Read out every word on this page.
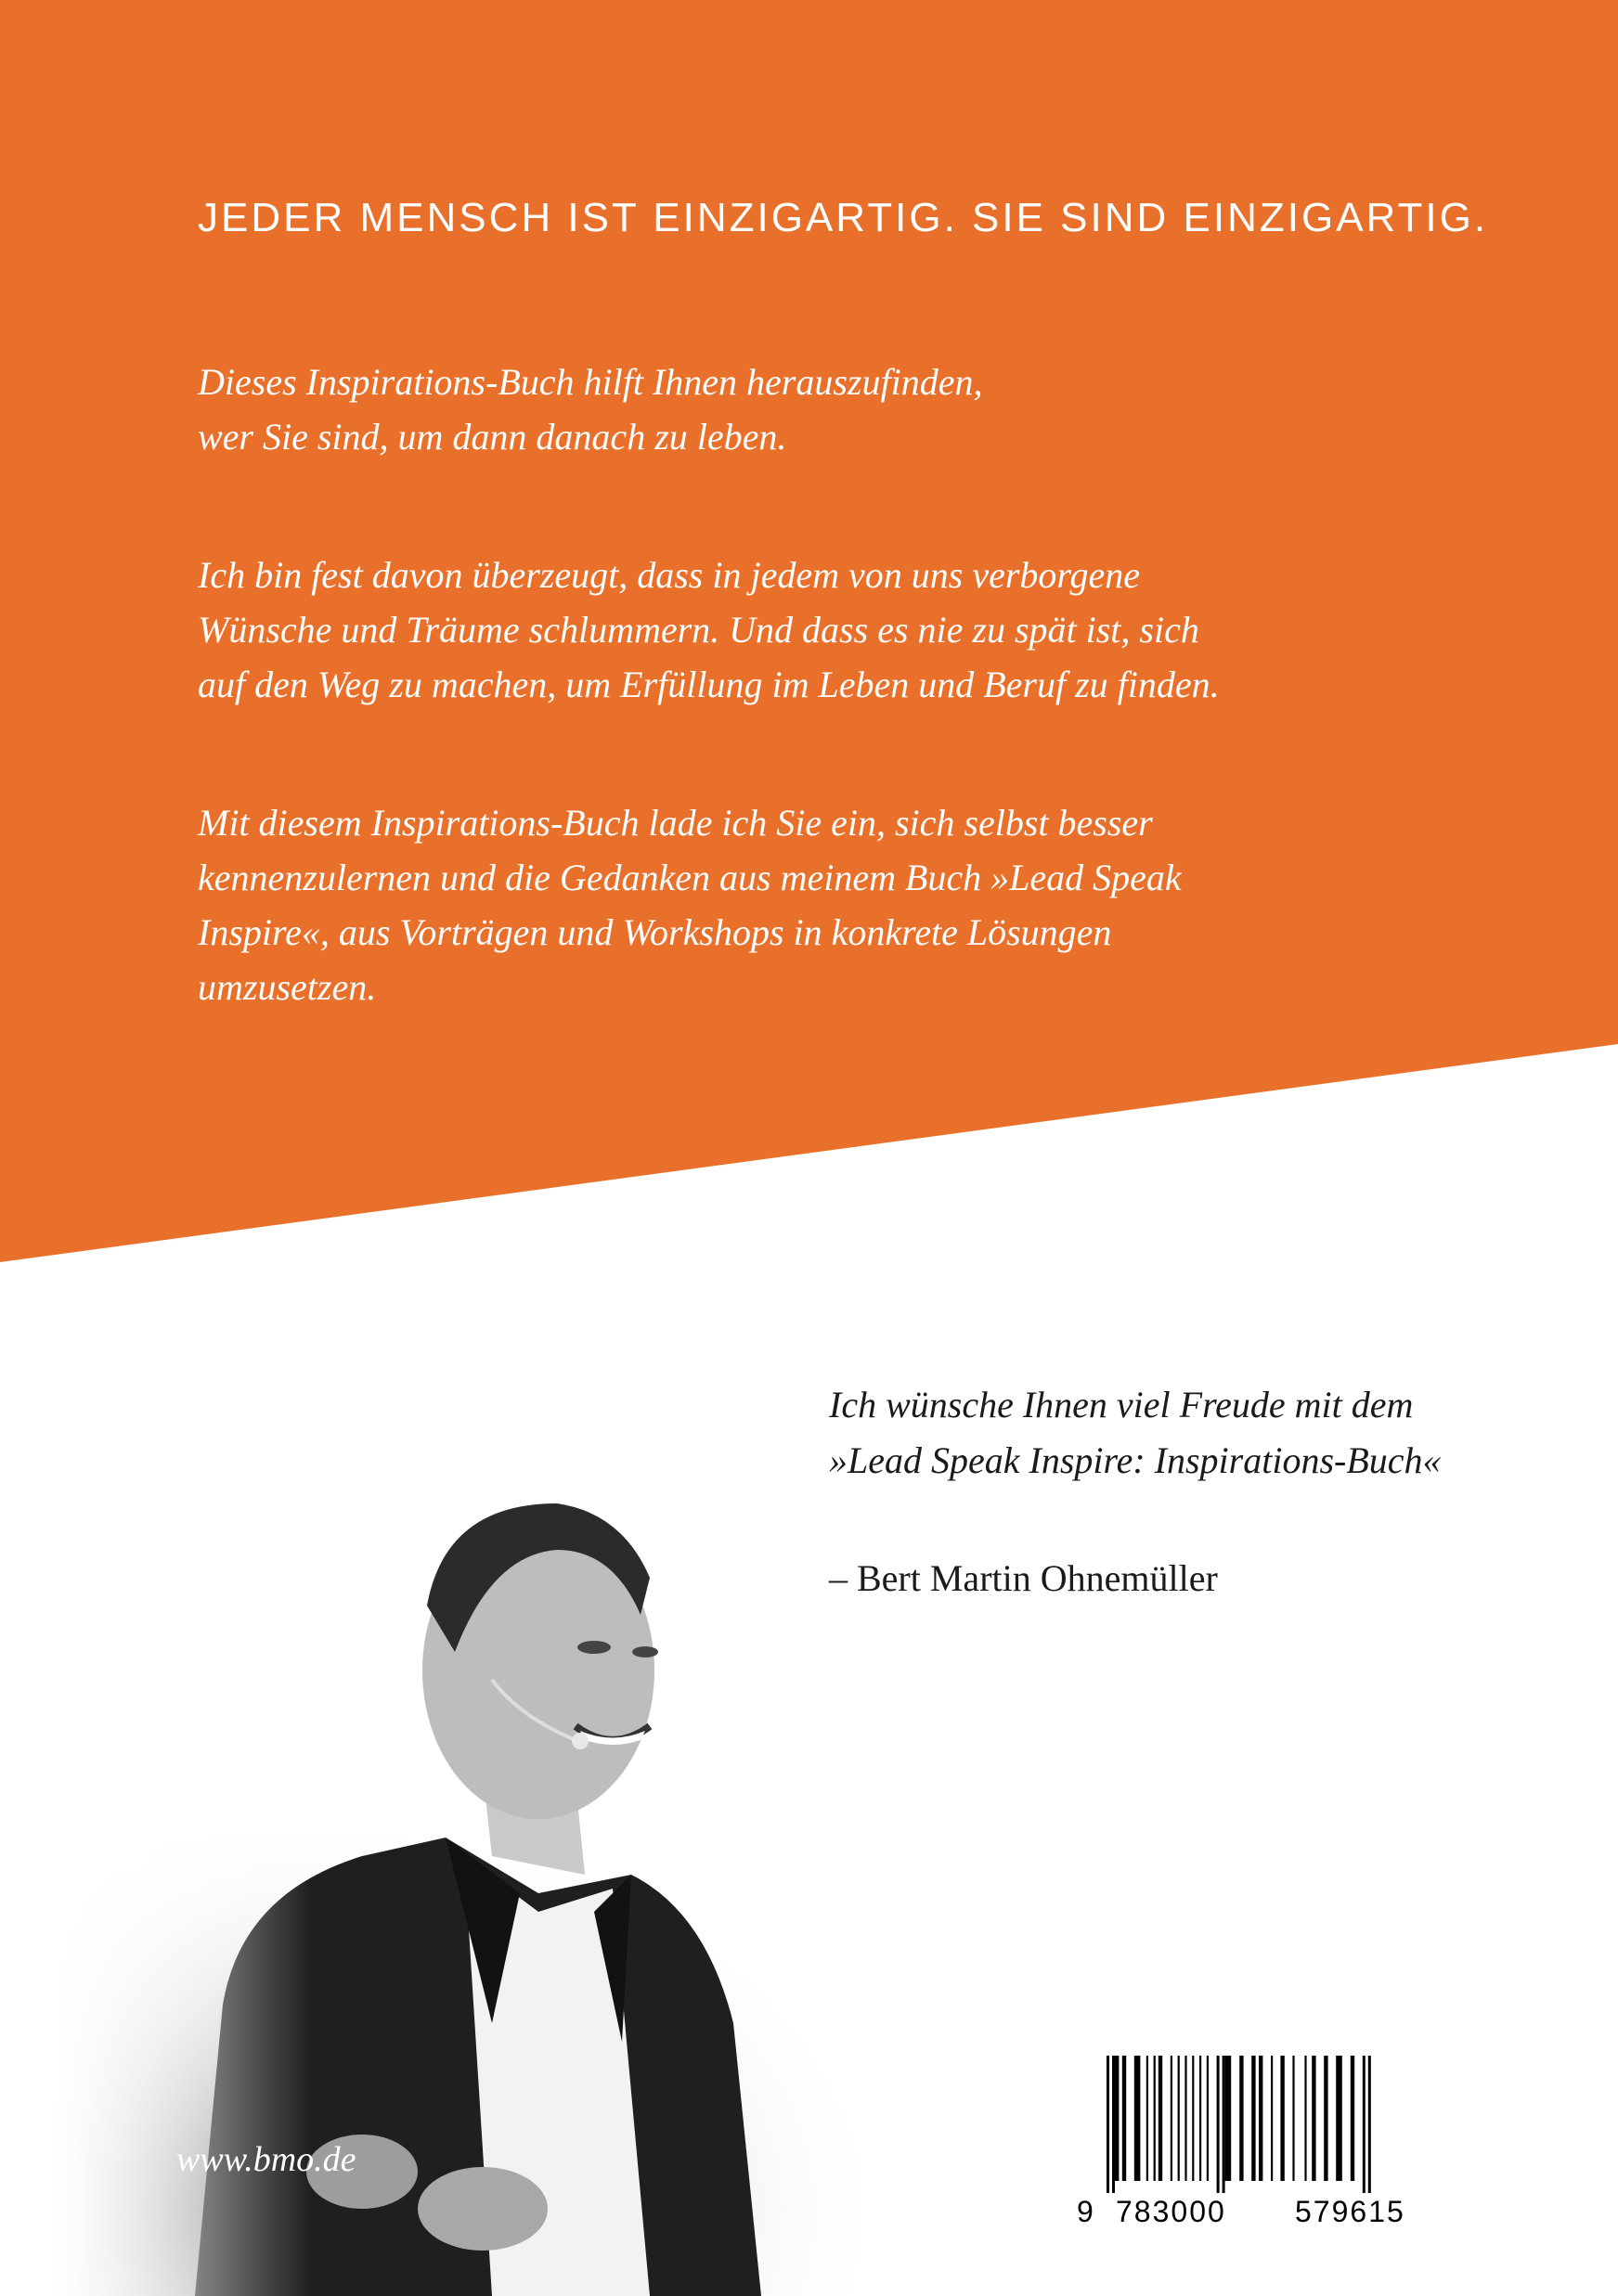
JEDER MENSCH IST EINZIGARTIG. SIE SIND EINZIGARTIG.

Dieses Inspirations-Buch hilft Ihnen herauszufinden,
wer Sie sind, um dann danach zu leben.

Ich bin fest davon überzeugt, dass in jedem von uns verborgene
Wünsche und Träume schlummern. Und dass es nie zu spät ist, sich
auf den Weg zu machen, um Erfüllung im Leben und Beruf zu finden.

Mit diesem Inspirations-Buch lade ich Sie ein, sich selbst besser
kennenzulernen und die Gedanken aus meinem Buch »Lead Speak
Inspire«, aus Vorträgen und Workshops in konkrete Lösungen
umzusetzen.

Ich wünsche Ihnen viel Freude mit dem
»Lead Speak Inspire: Inspirations-Buch«
– Bert Martin Ohnemüller
www.bmo.de
9 783000 579615
